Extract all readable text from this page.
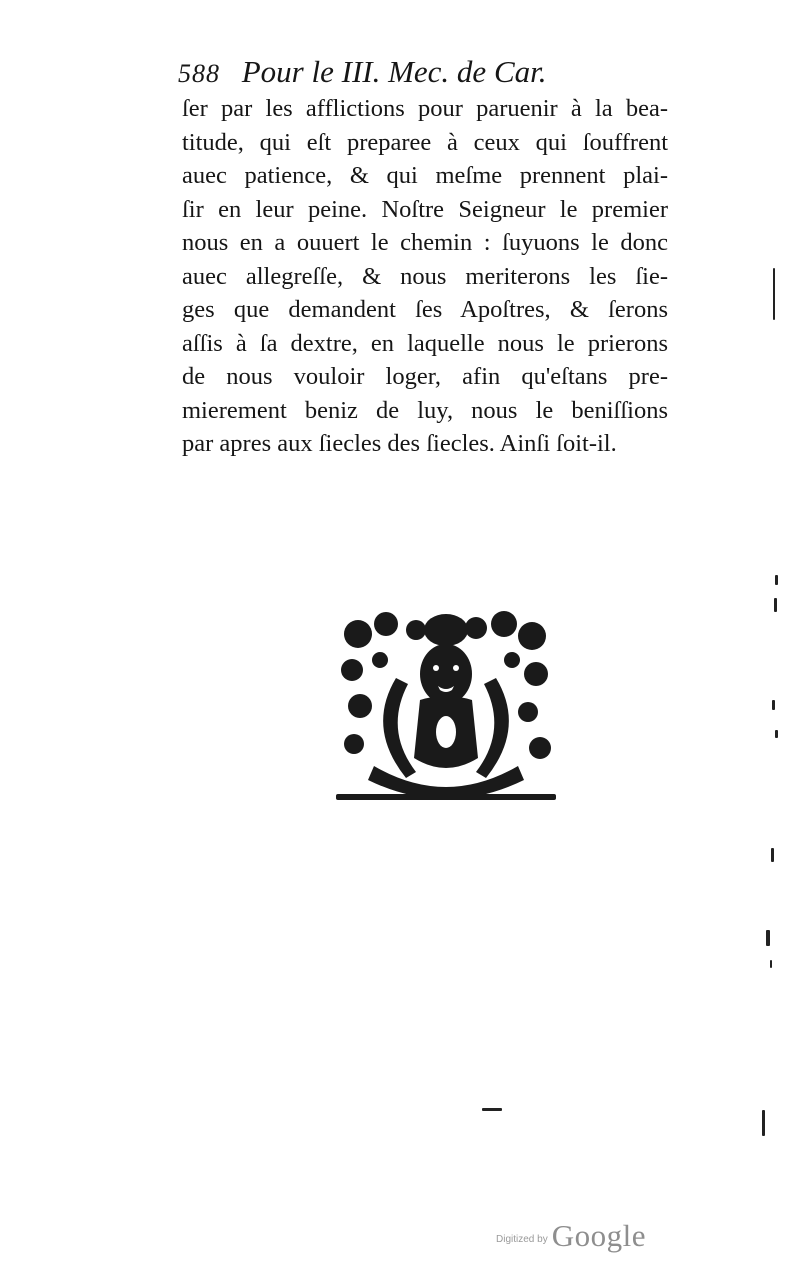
588 Pour le III. Mec. de Car.
ſer par les afflictions pour paruenir à la bea-
titude, qui eſt preparee à ceux qui ſouffrent
auec patience, & qui meſme prennent plai-
ſir en leur peine. Noſtre Seigneur le premier
nous en a ouuert le chemin : ſuyuons le donc
auec allegreſſe, & nous meriterons les ſie-
ges que demandent ſes Apoſtres, & ſerons
aſſis à ſa dextre, en laquelle nous le prierons
de nous vouloir loger, afin qu'eſtans pre-
mierement beniz de luy, nous le beniſſions
par apres aux ſiecles des ſiecles. Ainſi ſoit-il.
$^{Digitized by}$ Google
